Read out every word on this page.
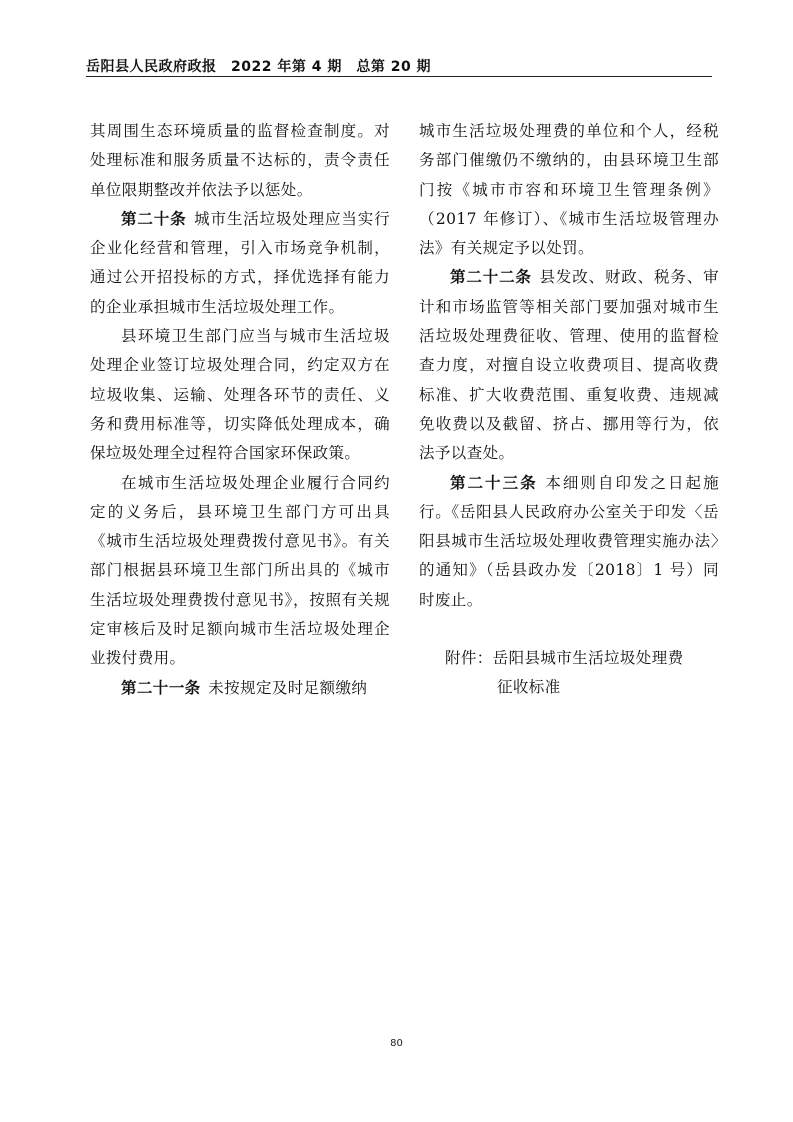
岳阳县人民政府政报　2022 年第 4 期　总第 20 期

其周围生态环境质量的监督检查制度。对处理标准和服务质量不达标的，责令责任单位限期整改并依法予以惩处。

第二十条 城市生活垃圾处理应当实行企业化经营和管理，引入市场竞争机制，通过公开招投标的方式，择优选择有能力的企业承担城市生活垃圾处理工作。

县环境卫生部门应当与城市生活垃圾处理企业签订垃圾处理合同，约定双方在垃圾收集、运输、处理各环节的责任、义务和费用标准等，切实降低处理成本，确保垃圾处理全过程符合国家环保政策。

在城市生活垃圾处理企业履行合同约定的义务后，县环境卫生部门方可出具《城市生活垃圾处理费拨付意见书》。有关部门根据县环境卫生部门所出具的《城市生活垃圾处理费拨付意见书》，按照有关规定审核后及时足额向城市生活垃圾处理企业拨付费用。

第二十一条 未按规定及时足额缴纳

城市生活垃圾处理费的单位和个人，经税务部门催缴仍不缴纳的，由县环境卫生部门按《城市市容和环境卫生管理条例》（2017 年修订）、《城市生活垃圾管理办法》有关规定予以处罚。

第二十二条 县发改、财政、税务、审计和市场监管等相关部门要加强对城市生活垃圾处理费征收、管理、使用的监督检查力度，对擅自设立收费项目、提高收费标准、扩大收费范围、重复收费、违规减免收费以及截留、挤占、挪用等行为，依法予以查处。

第二十三条 本细则自印发之日起施行。《岳阳县人民政府办公室关于印发〈岳阳县城市生活垃圾处理收费管理实施办法〉的通知》（岳县政办发〔2018〕1 号）同时废止。

附件：岳阳县城市生活垃圾处理费

征收标准

80
